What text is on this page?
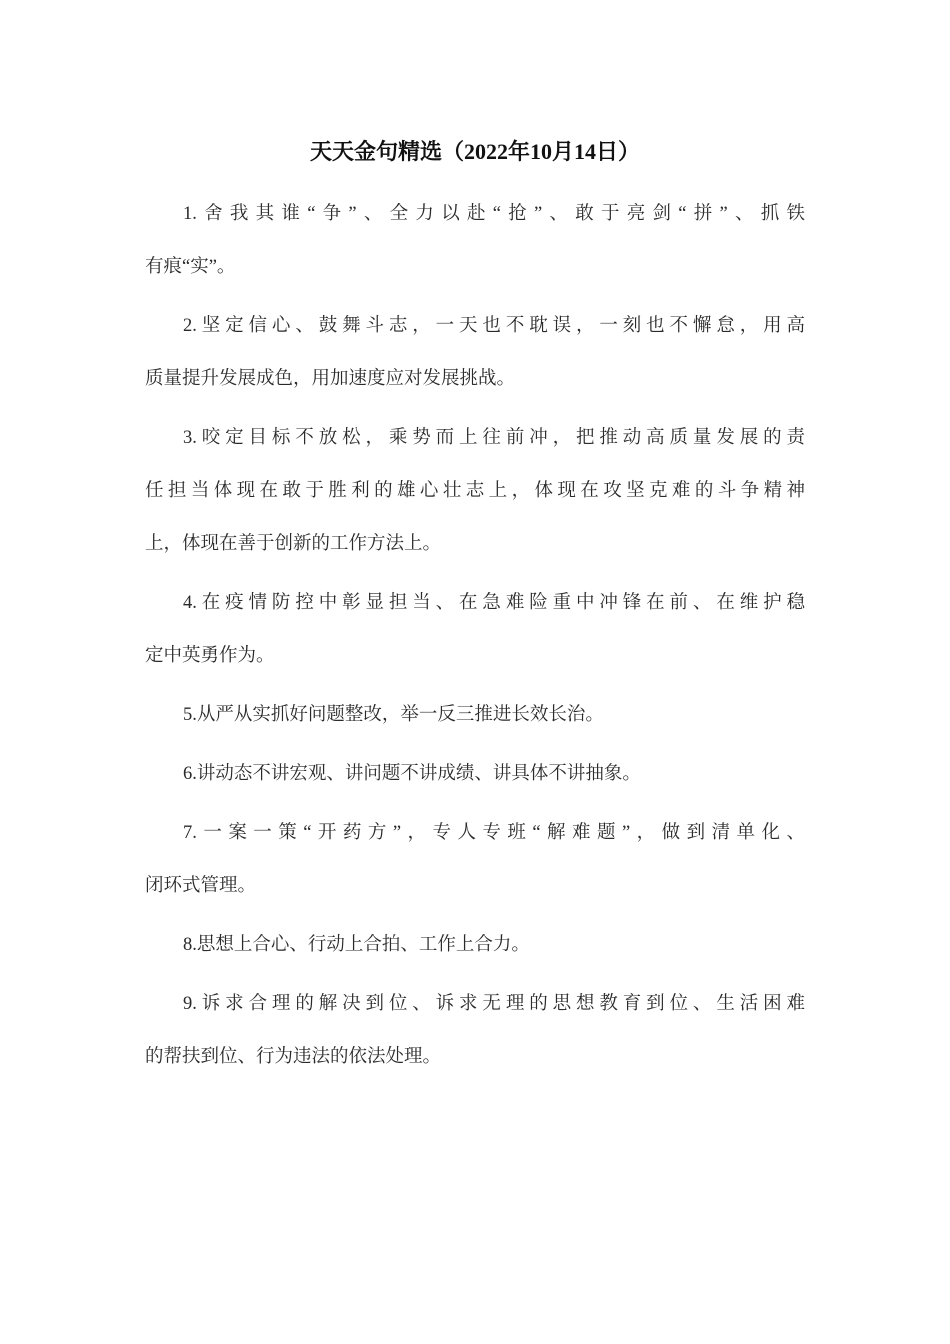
天天金句精选（2022年10月14日）
1.舍我其谁“争”、全力以赴“抢”、敢于亮剑“拼”、抓铁
有痕“实”。
2.坚定信心、鼓舞斗志，一天也不耽误，一刻也不懈怠，用高
质量提升发展成色，用加速度应对发展挑战。
3.咬定目标不放松，乘势而上往前冲，把推动高质量发展的责
任担当体现在敢于胜利的雄心壮志上，体现在攻坚克难的斗争精神
上，体现在善于创新的工作方法上。
4.在疫情防控中彰显担当、在急难险重中冲锋在前、在维护稳
定中英勇作为。
5.从严从实抓好问题整改，举一反三推进长效长治。
6.讲动态不讲宏观、讲问题不讲成绩、讲具体不讲抽象。
7.一案一策“开药方”，专人专班“解难题”，做到清单化、
闭环式管理。
8.思想上合心、行动上合拍、工作上合力。
9.诉求合理的解决到位、诉求无理的思想教育到位、生活困难
的帮扶到位、行为违法的依法处理。
